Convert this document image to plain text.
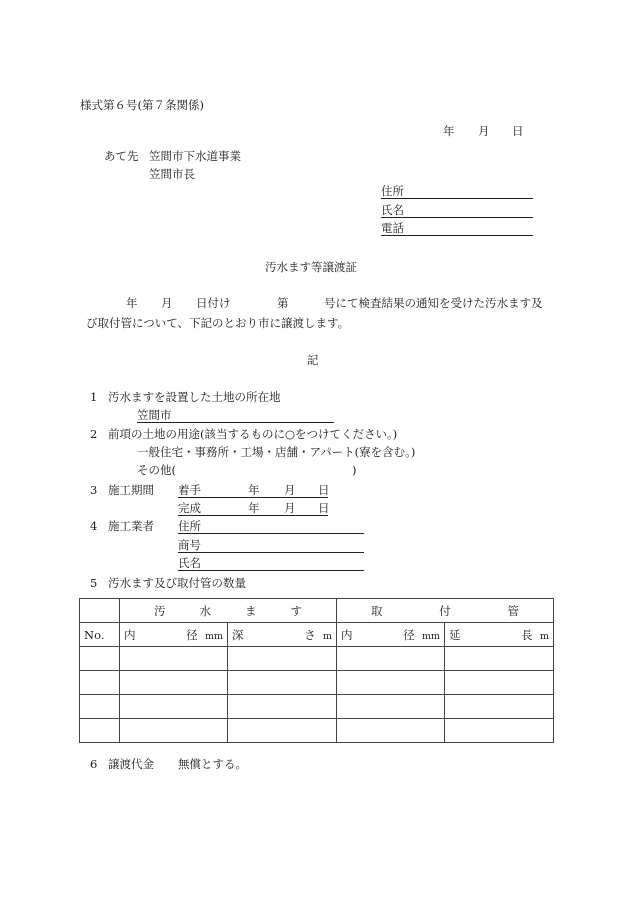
様式第６号(第７条関係)
年 月 日
あて先 笠間市下水道事業
笠間市長
住所
氏名
電話
汚水ます等譲渡証
年 月 日付け	第	号にて検査結果の通知を受けた汚水ます及
び取付管について、下記のとおり市に譲渡します。
記
1 汚水ますを設置した土地の所在地
笠間市
2 前項の土地の用途(該当するものに○をつけてください。)
一般住宅・事務所・工場・店舗・アパート(寮を含む。)
その他(	)
3 施工期間 着手	年 月 日
完成	年 月 日
4 施工業者 住所
商号
氏名
5 汚水ます及び取付管の数量

	汚 水 ま す		取 付 管	

No.	内 径 mm	深 さ m	内 径 mm	延 長 m

6 譲渡代金 無償とする。
